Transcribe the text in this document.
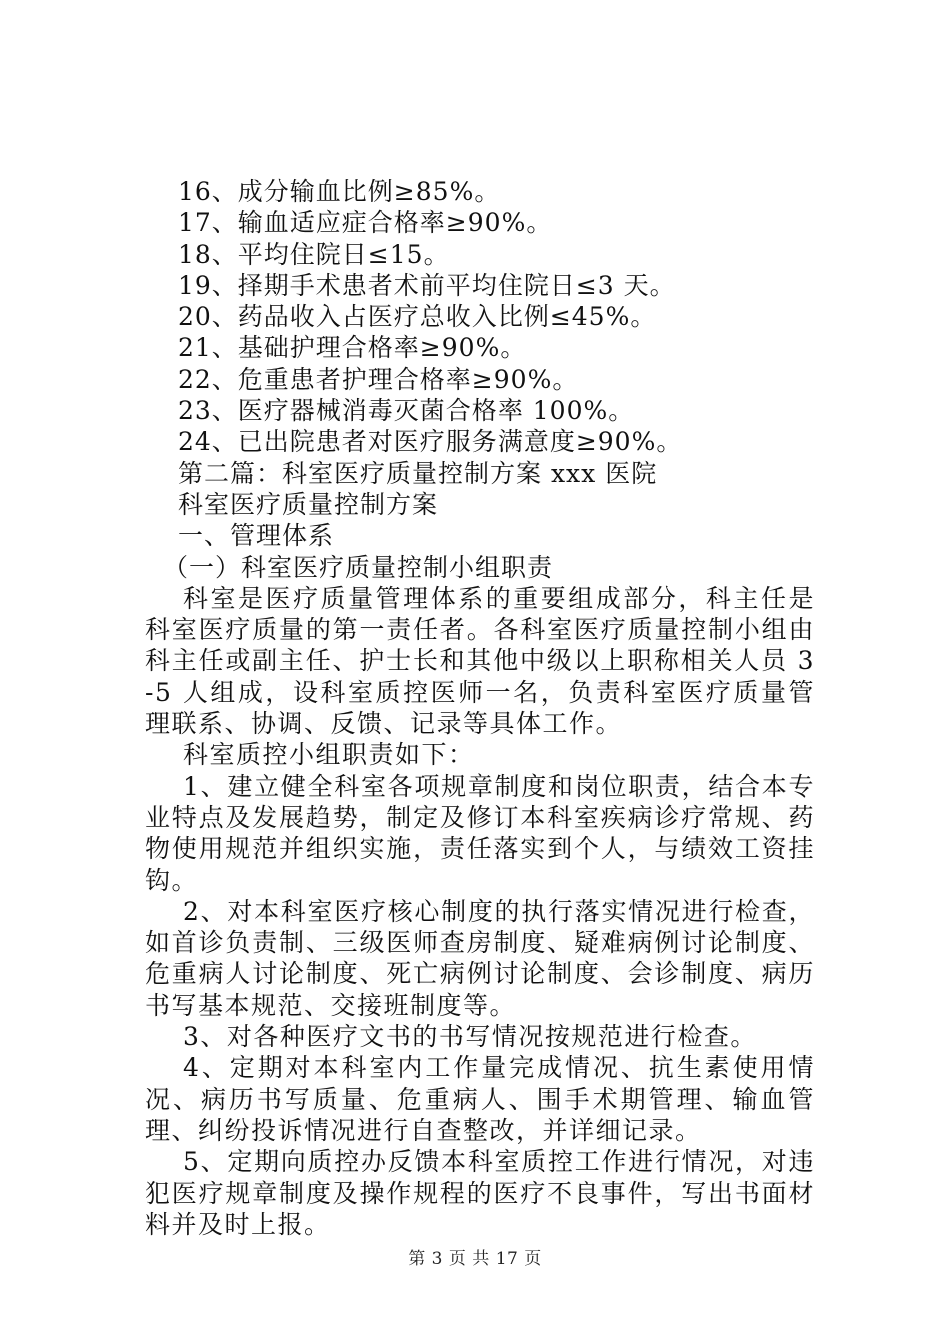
16、成分输血比例≥85%。
17、输血适应症合格率≥90%。
18、平均住院日≤15。
19、择期手术患者术前平均住院日≤3 天。
20、药品收入占医疗总收入比例≤45%。
21、基础护理合格率≥90%。
22、危重患者护理合格率≥90%。
23、医疗器械消毒灭菌合格率 100%。
24、已出院患者对医疗服务满意度≥90%。
第二篇：科室医疗质量控制方案 xxx 医院
科室医疗质量控制方案
一、管理体系
（一）科室医疗质量控制小组职责
科室是医疗质量管理体系的重要组成部分，科主任是科室医疗质量的第一责任者。各科室医疗质量控制小组由科主任或副主任、护士长和其他中级以上职称相关人员 3-5 人组成，设科室质控医师一名，负责科室医疗质量管理联系、协调、反馈、记录等具体工作。
科室质控小组职责如下：
1、建立健全科室各项规章制度和岗位职责，结合本专业特点及发展趋势，制定及修订本科室疾病诊疗常规、药物使用规范并组织实施，责任落实到个人，与绩效工资挂钩。
2、对本科室医疗核心制度的执行落实情况进行检查，如首诊负责制、三级医师查房制度、疑难病例讨论制度、危重病人讨论制度、死亡病例讨论制度、会诊制度、病历书写基本规范、交接班制度等。
3、对各种医疗文书的书写情况按规范进行检查。
4、定期对本科室内工作量完成情况、抗生素使用情况、病历书写质量、危重病人、围手术期管理、输血管理、纠纷投诉情况进行自查整改，并详细记录。
5、定期向质控办反馈本科室质控工作进行情况，对违犯医疗规章制度及操作规程的医疗不良事件，写出书面材料并及时上报。
第 3 页 共 17 页
